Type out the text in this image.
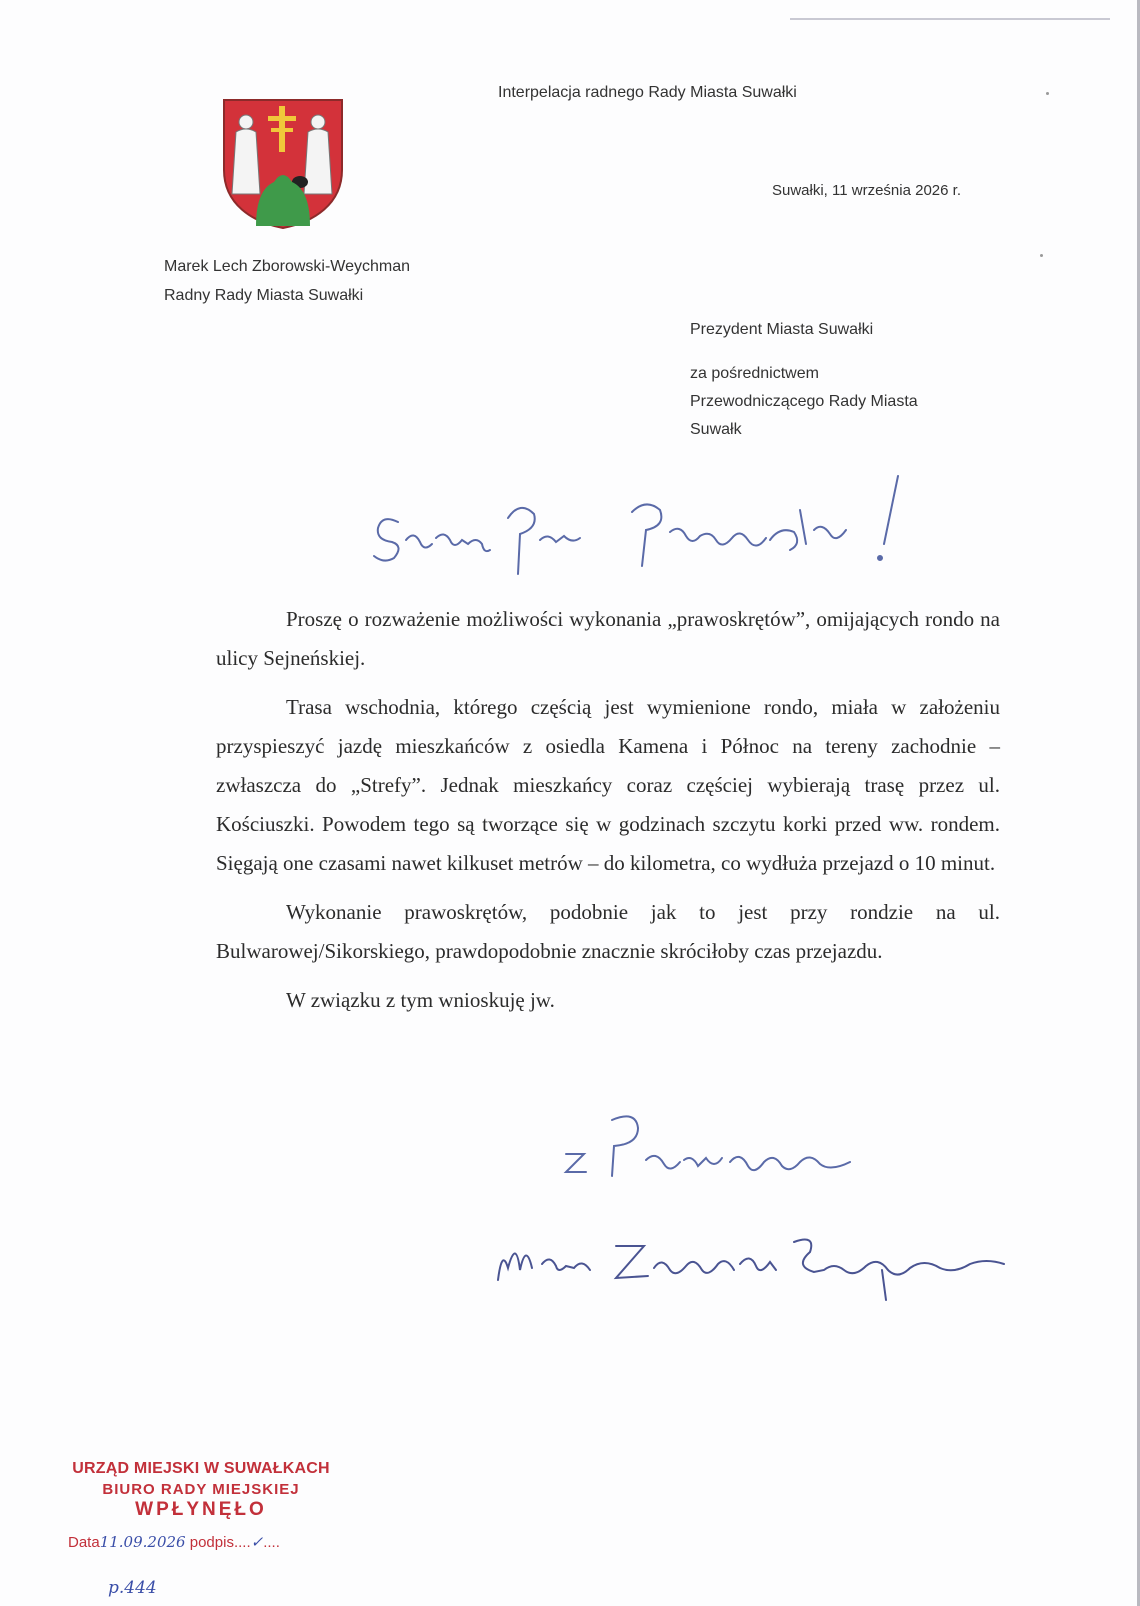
Interpelacja radnego Rady Miasta Suwałki
Suwałki, 11 września 2026 r.
Marek Lech Zborowski-Weychman
Radny Rady Miasta Suwałki
Prezydent Miasta Suwałki
za pośrednictwem
Przewodniczącego Rady Miasta
Suwałk

Proszę o rozważenie możliwości wykonania „prawoskrętów”, omijających rondo na ulicy Sejneńskiej.

Trasa wschodnia, którego częścią jest wymienione rondo, miała w założeniu przyspieszyć jazdę mieszkańców z osiedla Kamena i Północ na tereny zachodnie – zwłaszcza do „Strefy”. Jednak mieszkańcy coraz częściej wybierają trasę przez ul. Kościuszki. Powodem tego są tworzące się w godzinach szczytu korki przed ww. rondem. Sięgają one czasami nawet kilkuset metrów – do kilometra, co wydłuża przejazd o 10 minut.

Wykonanie prawoskrętów, podobnie jak to jest przy rondzie na ul. Bulwarowej/Sikorskiego, prawdopodobnie znacznie skróciłoby czas przejazdu.

W związku z tym wnioskuję jw.

URZĄD MIEJSKI W SUWAŁKACH
BIURO RADY MIEJSKIEJ
WPŁYNĘŁO
Data11.09.2026 podpis....✓....
p.444
